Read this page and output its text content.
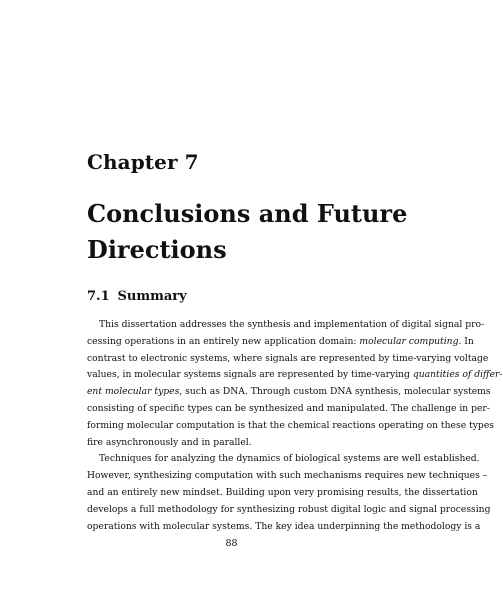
Chapter 7
Conclusions and Future
Directions
7.1 Summary
This dissertation addresses the synthesis and implementation of digital signal pro-
cessing operations in an entirely new application domain: molecular computing. In
contrast to electronic systems, where signals are represented by time-varying voltage
values, in molecular systems signals are represented by time-varying quantities of differ-
ent molecular types, such as DNA. Through custom DNA synthesis, molecular systems
consisting of specific types can be synthesized and manipulated. The challenge in per-
forming molecular computation is that the chemical reactions operating on these types
fire asynchronously and in parallel.
Techniques for analyzing the dynamics of biological systems are well established.
However, synthesizing computation with such mechanisms requires new techniques –
and an entirely new mindset. Building upon very promising results, the dissertation
develops a full methodology for synthesizing robust digital logic and signal processing
operations with molecular systems. The key idea underpinning the methodology is a
88
